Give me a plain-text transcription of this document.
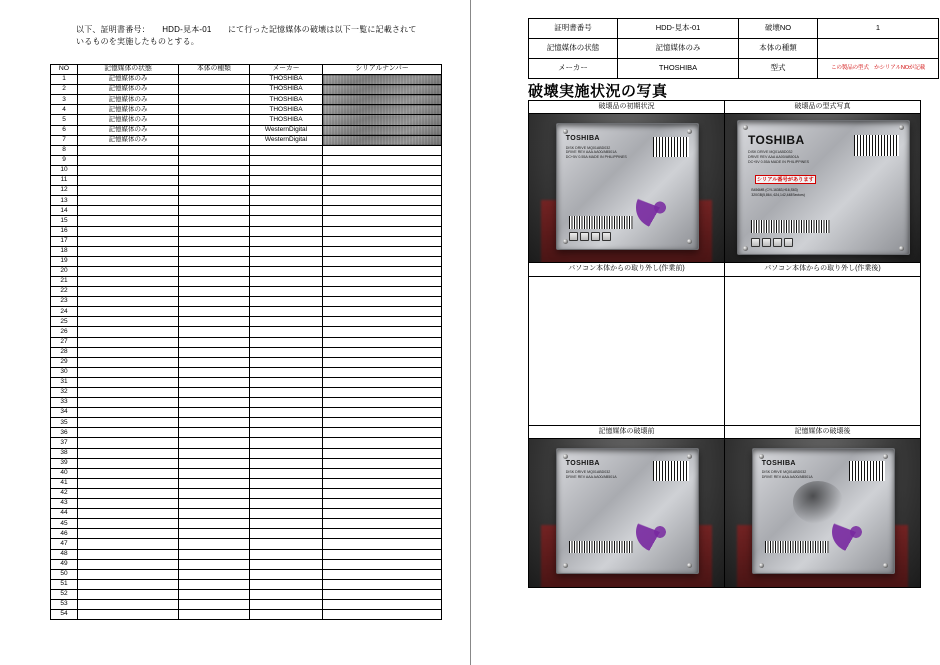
以下、証明書番号：　　HDD-見本-01　　にて行った記憶媒体の破壊は以下一覧に記載されて
いるものを実施したものとする。
NO	記憶媒体の状態	本体の種類	メーカー	シリアルナンバー
1	記憶媒体のみ		THOSHIBA	
2	記憶媒体のみ		THOSHIBA	
3	記憶媒体のみ		THOSHIBA	
4	記憶媒体のみ		THOSHIBA	
5	記憶媒体のみ		THOSHIBA	
6	記憶媒体のみ		WesternDigital	
7	記憶媒体のみ		WesternDigital	
8				
9				
10				
11				
12				
13				
14				
15				
16				
17				
18				
19				
20				
21				
22				
23				
24				
25				
26				
27				
28				
29				
30				
31				
32				
33				
34				
35				
36				
37				
38				
39				
40				
41				
42				
43				
44				
45				
46				
47				
48				
49				
50				
51				
52				
53				
54				
証明書番号	HDD-見本-01	破壊NO	1
記憶媒体の状態	記憶媒体のみ	本体の種類	
メーカー	THOSHIBA	型式	この製品の型式　かシリアルNOが記載
破壊実施状況の写真
破壊品の初期状況
TOSHIBA
DISK DRIVE MQ01ABD032
DRIVE REV AAA AA00/AB501A
DC+5V 0.55A MADE IN PHILIPPINES

破壊品の型式写真
TOSHIBA
DISK DRIVE MQ01ABD032
DRIVE REV AAA AA00/AB501A
DC+5V 0.55A MADE IN PHILIPPINES
シリアル番号があります
B456MB (CYL16383,H16,S63)
320GB(5,864, 624,142,448Sectors)

パソコン本体からの取り外し(作業前)	パソコン本体からの取り外し(作業後)

記憶媒体の破壊前
TOSHIBA
DISK DRIVE MQ01ABD032
DRIVE REV AAA AA00/AB501A

記憶媒体の破壊後
TOSHIBA
DISK DRIVE MQ01ABD032
DRIVE REV AAA AA00/AB501A
